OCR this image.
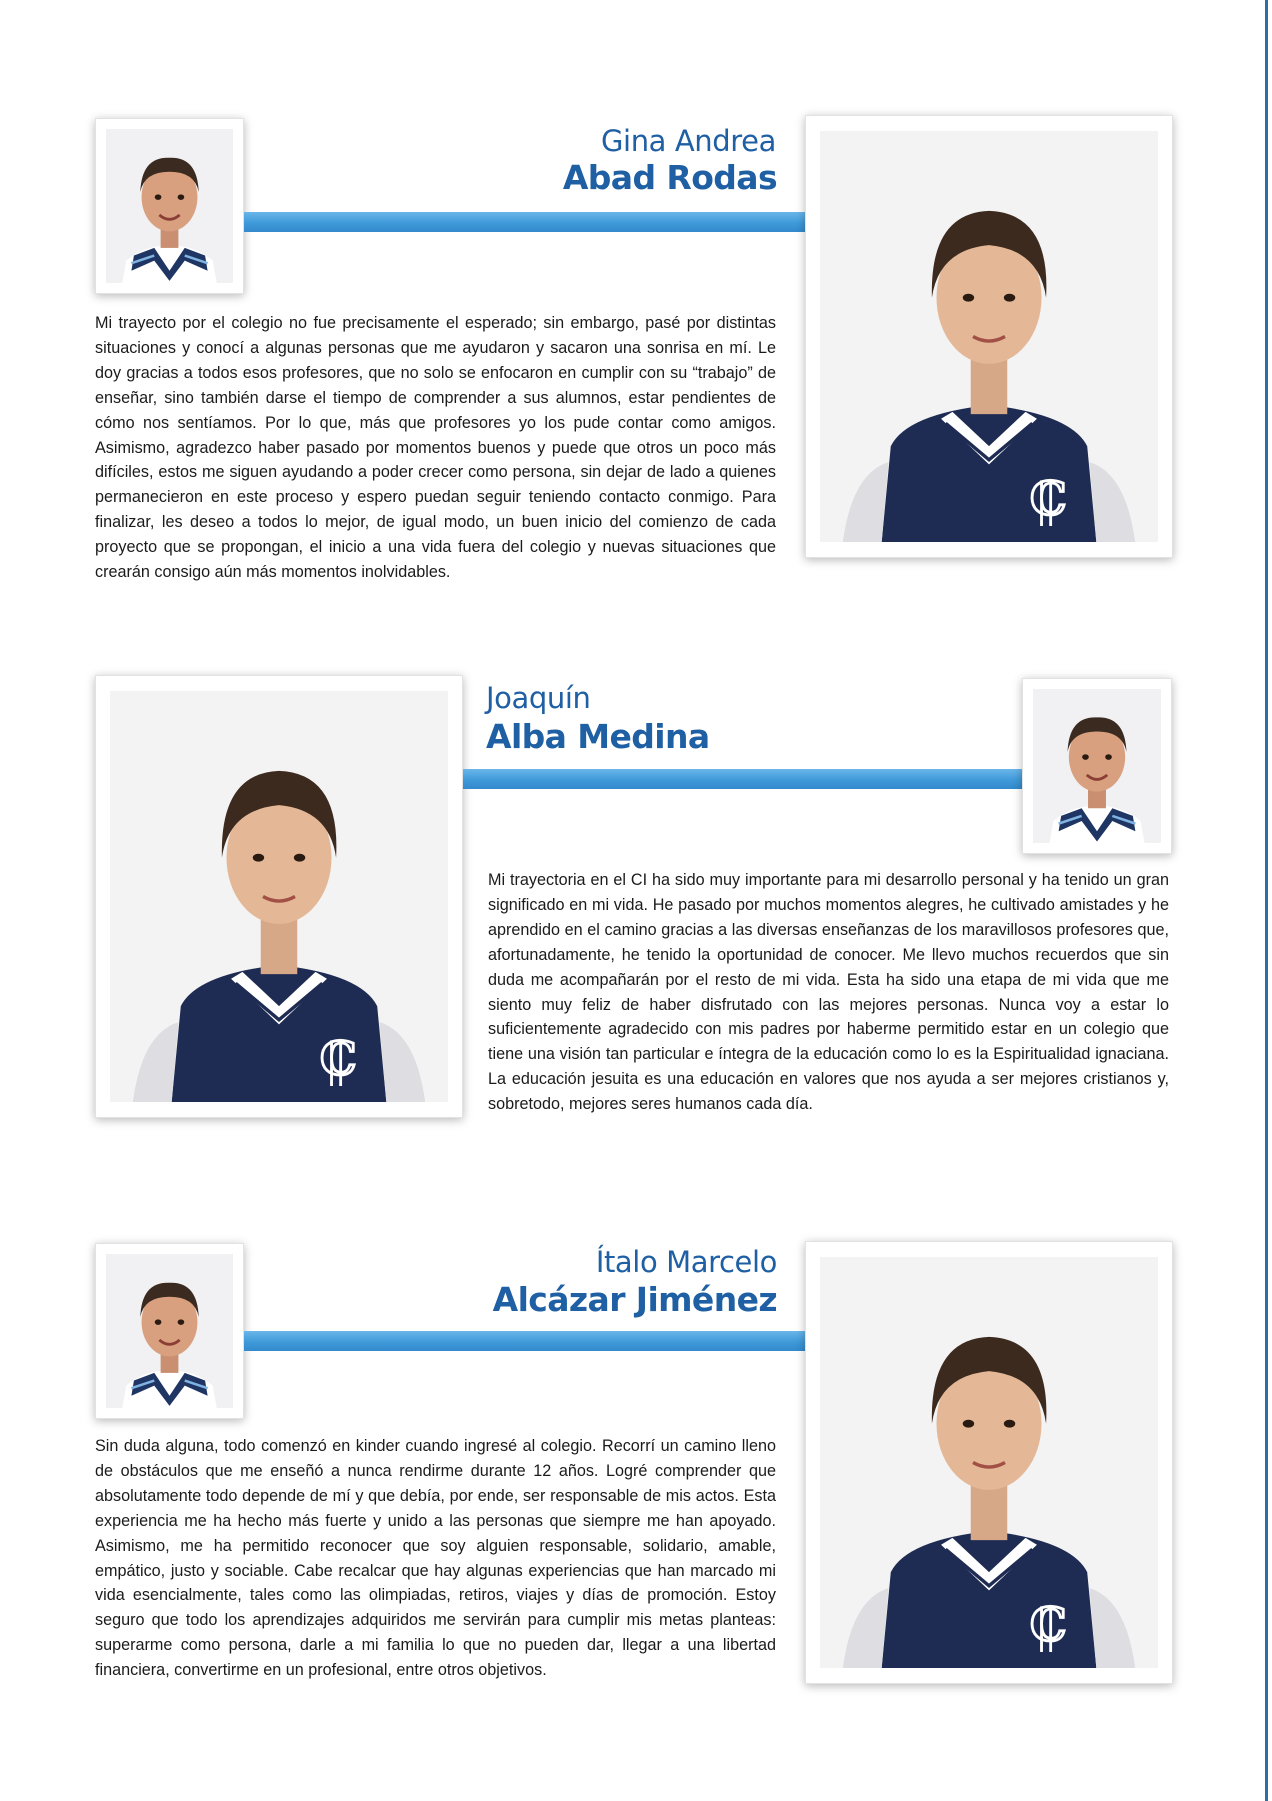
Gina Andrea
Abad Rodas

Mi trayecto por el colegio no fue precisamente el esperado; sin embargo, pasé por distintas situaciones y conocí a algunas personas que me ayudaron y sacaron una sonrisa en mí. Le doy gracias a todos esos profesores, que no solo se enfocaron en cumplir con su “trabajo” de enseñar, sino también darse el tiempo de comprender a sus alumnos, estar pendientes de cómo nos sentíamos. Por lo que, más que profesores yo los pude contar como amigos. Asimismo, agradezco haber pasado por momentos buenos y puede que otros un poco más difíciles, estos me siguen ayudando a poder crecer como persona, sin dejar de lado a quienes permanecieron en este proceso y espero puedan seguir teniendo contacto conmigo. Para finalizar, les deseo a todos lo mejor, de igual modo, un buen inicio del comienzo de cada proyecto que se propongan, el inicio a una vida fuera del colegio y nuevas situaciones que crearán consigo aún más momentos inolvidables.

Joaquín
Alba Medina

Mi trayectoria en el CI ha sido muy importante para mi desarrollo personal y ha tenido un gran significado en mi vida. He pasado por muchos momentos alegres, he cultivado amistades y he aprendido en el camino gracias a las diversas enseñanzas de los maravillosos profesores que, afortunadamente, he tenido la oportunidad de conocer. Me llevo muchos recuerdos que sin duda me acompañarán por el resto de mi vida. Esta ha sido una etapa de mi vida que me siento muy feliz de haber disfrutado con las mejores personas. Nunca voy a estar lo suficientemente agradecido con mis padres por haberme permitido estar en un colegio que tiene una visión tan particular e íntegra de la educación como lo es la Espiritualidad ignaciana. La educación jesuita es una educación en valores que nos ayuda a ser mejores cristianos y, sobretodo, mejores seres humanos cada día.

Ítalo Marcelo
Alcázar Jiménez

Sin duda alguna, todo comenzó en kinder cuando ingresé al colegio. Recorrí un camino lleno de obstáculos que me enseñó a nunca rendirme durante 12 años. Logré comprender que absolutamente todo depende de mí y que debía, por ende, ser responsable de mis actos. Esta experiencia me ha hecho más fuerte y unido a las personas que siempre me han apoyado. Asimismo, me ha permitido reconocer que soy alguien responsable, solidario, amable, empático, justo y sociable. Cabe recalcar que hay algunas experiencias que han marcado mi vida esencialmente, tales como las olimpiadas, retiros, viajes y días de promoción. Estoy seguro que todo los aprendizajes adquiridos me servirán para cumplir mis metas planteas: superarme como persona, darle a mi familia lo que no pueden dar, llegar a una libertad financiera, convertirme en un profesional, entre otros objetivos.
